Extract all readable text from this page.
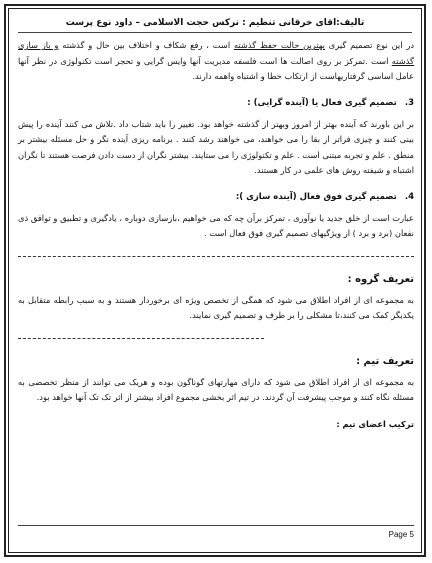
تالیف:اقای خرقانی تنظیم : نرکس حجت الاسلامی – داود نوع پرست

در این نوع تصمیم گیری بهترین حالت حفظ گذشته است ، رفع شکاف و اختلاف بین حال و گذشته و باز سازی گذشته است .تمرکز بر روی اصالت ها است فلسفه مدیریت آنها وایس گرایی و تحجر است تکنولوژی در نظر آنها عامل اساسی گرفتاریهاست از ارتکاب خطا و اشتباه واهمه دارند.

3.تصمیم گیری فعال یا (آینده گرایی) :

بر این باورند که آینده بهتر از امروز وبهتر از گذشته خواهد بود. تغییر را باید شتاب داد .تلاش می کنند آینده را پیش بینی کنند و چیزی فراتر از بقا را می خواهند، می خواهند رشد کنند . برنامه ریزی آینده نگر و حل مسئله بیشتر بر منطق . علم و تجربه مبتنی است . علم و تکنولوژی را می ستایند. بیشتر نگران از دست دادن فرصت هستند تا نگران اشتباه و شیفته روش های علمی در کار هستند.

4.تصمیم گیری فوق فعال (آینده سازی ):

عبارت است از خلق جدید یا نوآوری ، تمرکز برآن چه که می خواهیم ،بازسازی دوباره ، یادگیری و تطبیق و توافق ذی نفعان (برد و برد ) از ویژگیهای تصمیم گیری فوق فعال است .

تعریف گروه :

به مجموعه ای از افراد اطلاق می شود که همگی از تخصص ویژه ای برخوردار هستند و به سبب رابطه متقابل به یکدیگر کمک می کنند،تا مشکلی را بر طرف و تصمیم گیری نمایند.

تعریف تیم :

به مجموعه ای از افراد اطلاق می شود که دارای مهارتهای گوناگون بوده و هریک می توانند از منظر تخصصی به مسئله نگاه کنند و موجب پیشرفت آن گردند. در تیم اثر بخشی مجموع افراد بیشتر از اثر تک تک آنها خواهد بود.

ترکیب اعضای تیم :
Page 5
